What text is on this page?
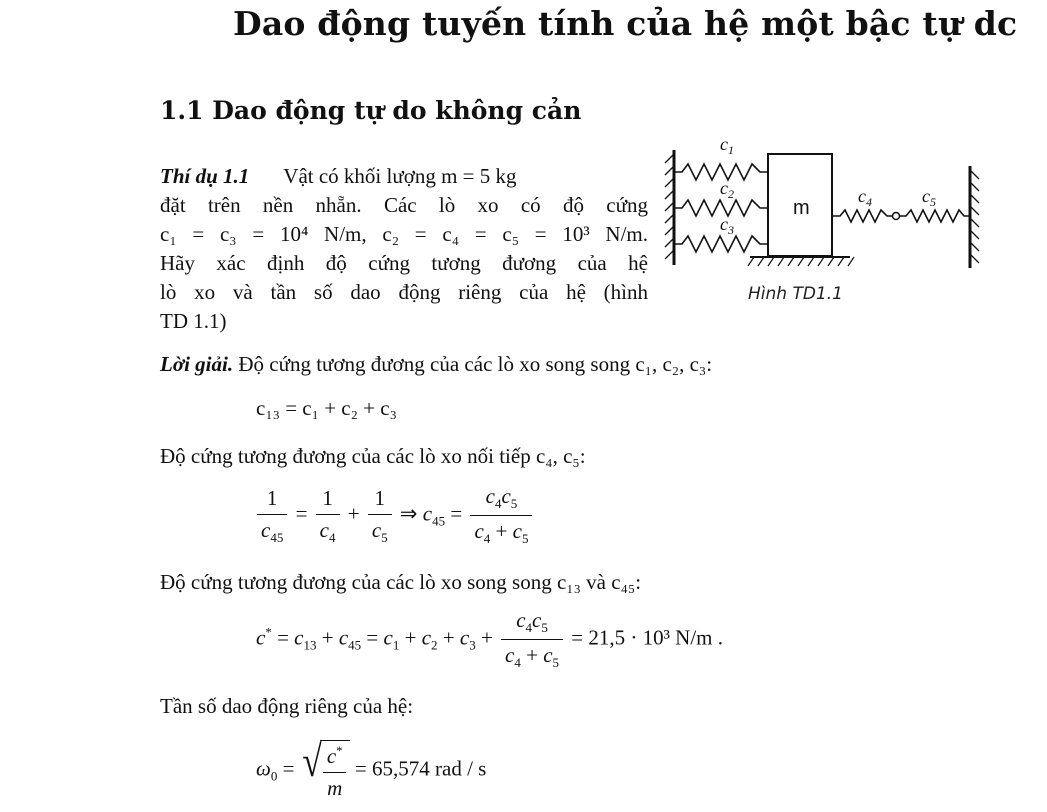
Dao động tuyến tính của hệ một bậc tự dc
1.1 Dao động tự do không cản
Thí dụ 1.1 Vật có khối lượng m = 5 kg
đặt trên nền nhẵn. Các lò xo có độ cứng
c₁ = c₃ = 10⁴ N/m, c₂ = c₄ = c₅ = 10³ N/m.
Hãy xác định độ cứng tương đương của hệ
lò xo và tần số dao động riêng của hệ (hình
TD 1.1)
$c_1$
$c_2$
$c_3$
$c_4$	$c_5$
m
Hình TD1.1
Lời giải. Độ cứng tương đương của các lò xo song song c₁, c₂, c₃:
c₁₃ = c₁ + c₂ + c₃
Độ cứng tương đương của các lò xo nối tiếp c₄, c₅:
$\frac{1}{c_{45}} = \frac{1}{c_4} + \frac{1}{c_5}$ ⇒ $c_{45} = \frac{c_4c_5}{c_4 + c_5}$
Độ cứng tương đương của các lò xo song song c₁₃ và c₄₅:
$c^* = c_{13} + c_{45} = c_1 + c_2 + c_3 + \frac{c_4c_5}{c_4 + c_5} = 21,5 \cdot 10^3$ N/m .
Tần số dao động riêng của hệ:
$\omega_0$ = √ $\frac{c^*}{m} = 65,574$ rad / s
